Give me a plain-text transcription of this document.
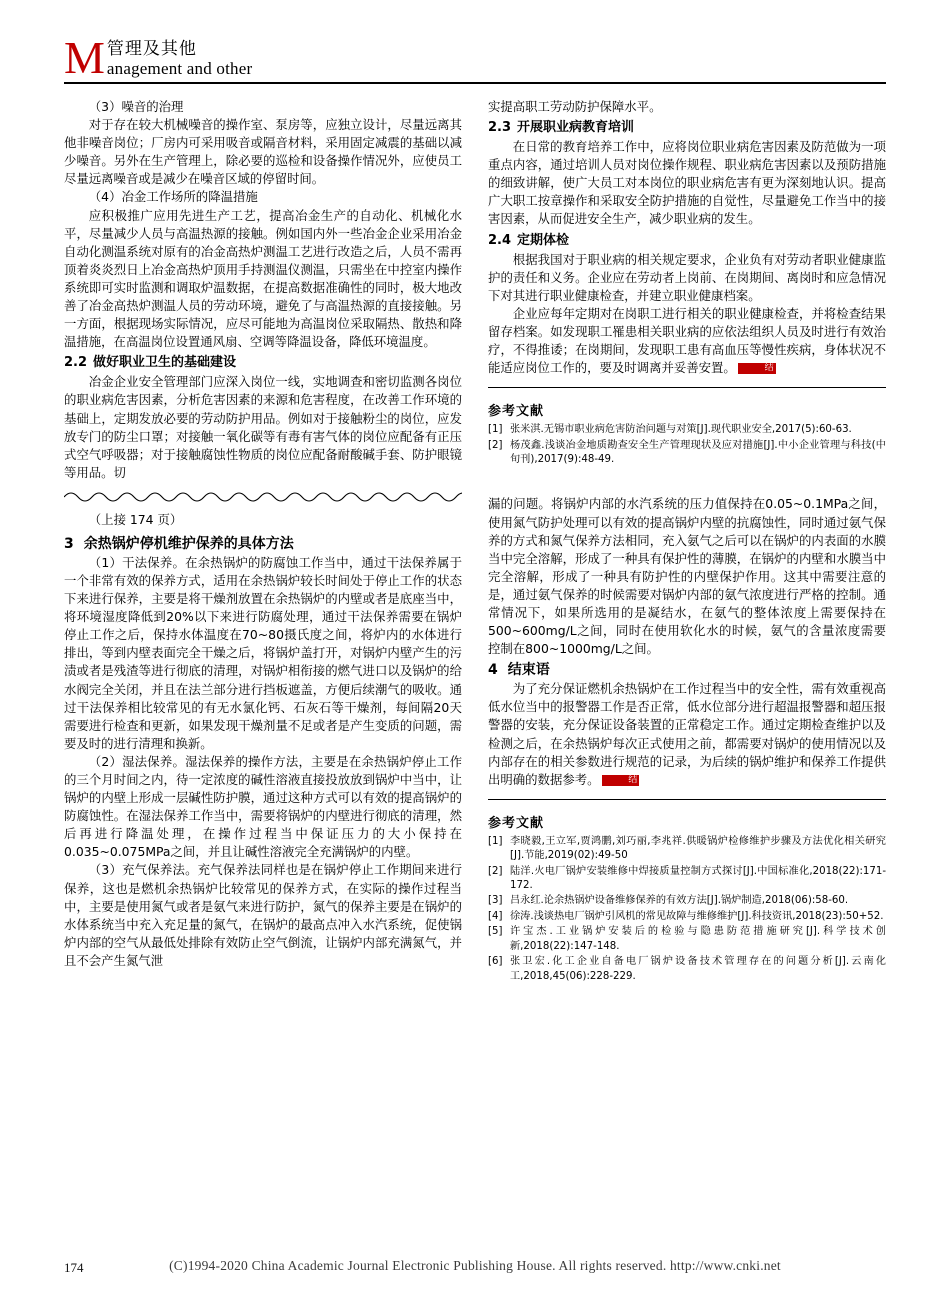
M 管理及其他
anagement and other

（3）噪音的治理

对于存在较大机械噪音的操作室、泵房等，应独立设计，尽量远离其他非噪音岗位；厂房内可采用吸音或隔音材料，采用固定减震的基础以减少噪音。另外在生产管理上，除必要的巡检和设备操作情况外，应使员工尽量远离噪音或是减少在噪音区域的停留时间。

（4）冶金工作场所的降温措施

应积极推广应用先进生产工艺，提高冶金生产的自动化、机械化水平，尽量减少人员与高温热源的接触。例如国内外一些冶金企业采用冶金自动化测温系统对原有的冶金高热炉测温工艺进行改造之后，人员不需再顶着炎炎烈日上冶金高热炉顶用手持测温仪测温，只需坐在中控室内操作系统即可实时监测和调取炉温数据，在提高数据准确性的同时，极大地改善了冶金高热炉测温人员的劳动环境，避免了与高温热源的直接接触。另一方面，根据现场实际情况，应尽可能地为高温岗位采取隔热、散热和降温措施，在高温岗位设置通风扇、空调等降温设备，降低环境温度。

2.2 做好职业卫生的基础建设

冶金企业安全管理部门应深入岗位一线，实地调查和密切监测各岗位的职业病危害因素，分析危害因素的来源和危害程度，在改善工作环境的基础上，定期发放必要的劳动防护用品。例如对于接触粉尘的岗位，应发放专门的防尘口罩；对接触一氧化碳等有毒有害气体的岗位应配备有正压式空气呼吸器；对于接触腐蚀性物质的岗位应配备耐酸碱手套、防护眼镜等用品。切

（上接 174 页）
3 余热锅炉停机维护保养的具体方法

（1）干法保养。在余热锅炉的防腐蚀工作当中，通过干法保养属于一个非常有效的保养方式，适用在余热锅炉较长时间处于停止工作的状态下来进行保养，主要是将干燥剂放置在余热锅炉的内壁或者是底座当中，将环境湿度降低到20%以下来进行防腐处理，通过干法保养需要在锅炉停止工作之后，保持水体温度在70~80摄氏度之间，将炉内的水体进行排出，等到内壁表面完全干燥之后，将锅炉盖打开，对锅炉内壁产生的污渍或者是残渣等进行彻底的清理，对锅炉相衔接的燃气进口以及锅炉的给水阀完全关闭，并且在法兰部分进行挡板遮盖，方便后续潮气的吸收。通过干法保养相比较常见的有无水氯化钙、石灰石等干燥剂，每间隔20天需要进行检查和更新，如果发现干燥剂量不足或者是产生变质的问题，需要及时的进行清理和换新。

（2）湿法保养。湿法保养的操作方法，主要是在余热锅炉停止工作的三个月时间之内，待一定浓度的碱性溶液直接投放放到锅炉中当中，让锅炉的内壁上形成一层碱性防护膜，通过这种方式可以有效的提高锅炉的防腐蚀性。在湿法保养工作当中，需要将锅炉的内壁进行彻底的清理，然后再进行降温处理，在操作过程当中保证压力的大小保持在0.035~0.075MPa之间，并且让碱性溶液完全充满锅炉的内壁。

（3）充气保养法。充气保养法同样也是在锅炉停止工作期间来进行保养，这也是燃机余热锅炉比较常见的保养方式，在实际的操作过程当中，主要是使用氮气或者是氨气来进行防护，氮气的保养主要是在锅炉的水体系统当中充入充足量的氮气，在锅炉的最高点冲入水汽系统，促使锅炉内部的空气从最低处排除有效防止空气倒流，让锅炉内部充满氮气，并且不会产生氮气泄

实提高职工劳动防护保障水平。

2.3 开展职业病教育培训

在日常的教育培养工作中，应将岗位职业病危害因素及防范做为一项重点内容，通过培训人员对岗位操作规程、职业病危害因素以及预防措施的细致讲解，使广大员工对本岗位的职业病危害有更为深刻地认识。提高广大职工按章操作和采取安全防护措施的自觉性，尽量避免工作当中的接害因素，从而促进安全生产，减少职业病的发生。

2.4 定期体检

根据我国对于职业病的相关规定要求，企业负有对劳动者职业健康监护的责任和义务。企业应在劳动者上岗前、在岗期间、离岗时和应急情况下对其进行职业健康检查，并建立职业健康档案。

企业应每年定期对在岗职工进行相关的职业健康检查，并将检查结果留存档案。如发现职工罹患相关职业病的应依法组织人员及时进行有效治疗，不得推诿；在岗期间，发现职工患有高血压等慢性疾病，身体状况不能适应岗位工作的，要及时调离并妥善安置。	结

参考文献
[1] 张米淇.无锡市职业病危害防治问题与对策[J].现代职业安全,2017(5):60-63.
[2] 杨茂鑫.浅谈冶金地质勘查安全生产管理现状及应对措施[J].中小企业管理与科技(中旬刊),2017(9):48-49.

漏的问题。将锅炉内部的水汽系统的压力值保持在0.05~0.1MPa之间，使用氮气防护处理可以有效的提高锅炉内壁的抗腐蚀性，同时通过氨气保养的方式和氮气保养方法相同，充入氨气之后可以在锅炉的内表面的水膜当中完全溶解，形成了一种具有保护性的薄膜，在锅炉的内壁和水膜当中完全溶解，形成了一种具有防护性的内壁保护作用。这其中需要注意的是，通过氨气保养的时候需要对锅炉内部的氨气浓度进行严格的控制。通常情况下，如果所选用的是凝结水，在氨气的整体浓度上需要保持在500~600mg/L之间，同时在使用软化水的时候，氨气的含量浓度需要控制在800~1000mg/L之间。

4 结束语

为了充分保证燃机余热锅炉在工作过程当中的安全性，需有效重视高低水位当中的报警器工作是否正常，低水位部分进行超温报警器和超压报警器的安装，充分保证设备装置的正常稳定工作。通过定期检查维护以及检测之后，在余热锅炉每次正式使用之前，都需要对锅炉的使用情况以及内部存在的相关参数进行规范的记录，为后续的锅炉维护和保养工作提供出明确的数据参考。	结

参考文献
[1] 李晓毅,王立军,贾鸿鹏,刘巧丽,李兆祥.供暖锅炉检修维护步骤及方法优化相关研究[J].节能,2019(02):49-50
[2] 陆洋.火电厂锅炉安装维修中焊接质量控制方式探讨[J].中国标准化,2018(22):171-172.
[3] 吕永红.论余热锅炉设备维修保养的有效方法[J].锅炉制造,2018(06):58-60.
[4] 徐涛.浅谈热电厂锅炉引风机的常见故障与维修维护[J].科技资讯,2018(23):50+52.
[5] 许宝杰.工业锅炉安装后的检验与隐患防范措施研究[J].科学技术创新,2018(22):147-148.
[6] 张卫宏.化工企业自备电厂锅炉设备技术管理存在的问题分析[J].云南化工,2018,45(06):228-229.
174	(C)1994-2020 China Academic Journal Electronic Publishing House. All rights reserved. http://www.cnki.net
